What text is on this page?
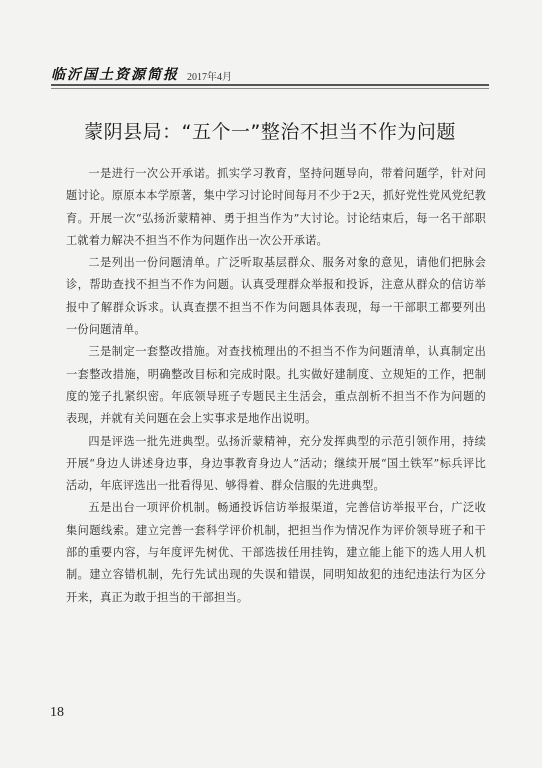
临沂国土资源简报 2017年4月
蒙阴县局：“五个一”整治不担当不作为问题

一是进行一次公开承诺。抓实学习教育，坚持问题导向，带着问题学，针对问题讨论。原原本本学原著，集中学习讨论时间每月不少于2天，抓好党性党风党纪教育。开展一次“弘扬沂蒙精神、勇于担当作为”大讨论。讨论结束后，每一名干部职工就着力解决不担当不作为问题作出一次公开承诺。

二是列出一份问题清单。广泛听取基层群众、服务对象的意见，请他们把脉会诊，帮助查找不担当不作为问题。认真受理群众举报和投诉，注意从群众的信访举报中了解群众诉求。认真查摆不担当不作为问题具体表现，每一干部职工都要列出一份问题清单。

三是制定一套整改措施。对查找梳理出的不担当不作为问题清单，认真制定出一套整改措施，明确整改目标和完成时限。扎实做好建制度、立规矩的工作，把制度的笼子扎紧织密。年底领导班子专题民主生活会，重点剖析不担当不作为问题的表现，并就有关问题在会上实事求是地作出说明。

四是评选一批先进典型。弘扬沂蒙精神，充分发挥典型的示范引领作用，持续开展“身边人讲述身边事，身边事教育身边人”活动；继续开展“国土铁军”标兵评比活动，年底评选出一批看得见、够得着、群众信服的先进典型。

五是出台一项评价机制。畅通投诉信访举报渠道，完善信访举报平台，广泛收集问题线索。建立完善一套科学评价机制，把担当作为情况作为评价领导班子和干部的重要内容，与年度评先树优、干部选拔任用挂钩，建立能上能下的选人用人机制。建立容错机制，先行先试出现的失误和错误，同明知故犯的违纪违法行为区分开来，真正为敢于担当的干部担当。

18
